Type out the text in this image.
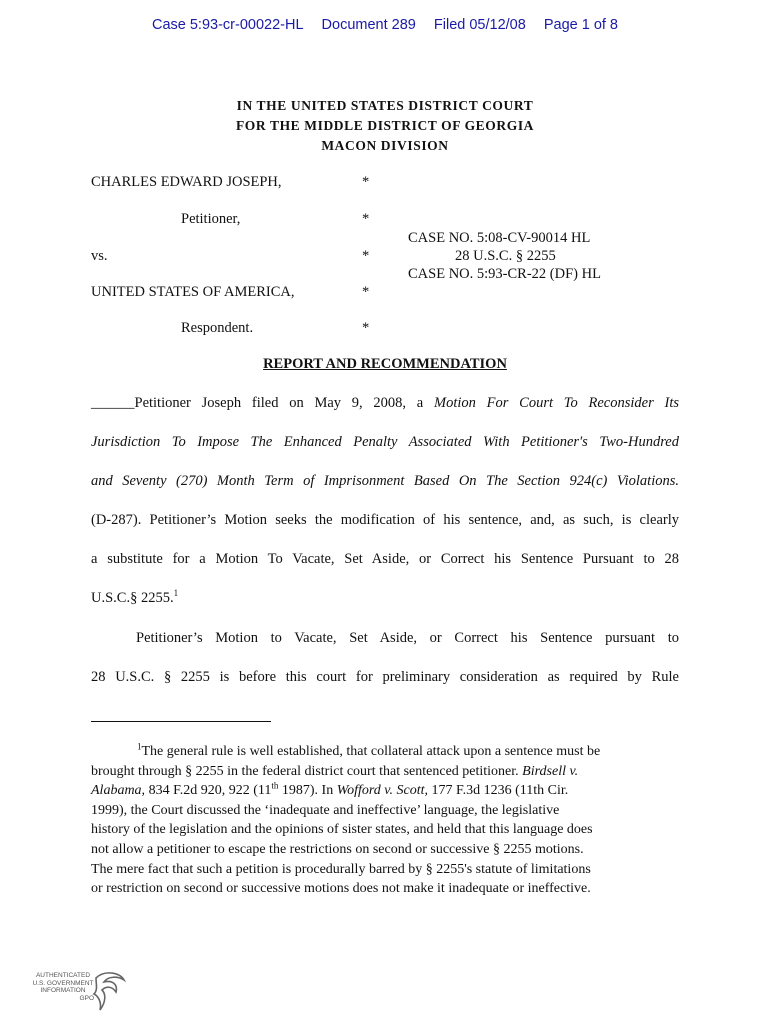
Case 5:93-cr-00022-HL Document 289 Filed 05/12/08 Page 1 of 8
IN THE UNITED STATES DISTRICT COURT
FOR THE MIDDLE DISTRICT OF GEORGIA
MACON DIVISION
CHARLES EDWARD JOSEPH,	*
Petitioner,	*
vs.	*
UNITED STATES OF AMERICA,	*
Respondent.	*
CASE NO. 5:08-CV-90014 HL
28 U.S.C. § 2255
CASE NO. 5:93-CR-22 (DF) HL
REPORT AND RECOMMENDATION
______Petitioner Joseph filed on May 9, 2008, a Motion For Court To Reconsider Its
Jurisdiction To Impose The Enhanced Penalty Associated With Petitioner's Two-Hundred
and Seventy (270) Month Term of Imprisonment Based On The Section 924(c) Violations.
(D-287). Petitioner’s Motion seeks the modification of his sentence, and, as such, is clearly
a substitute for a Motion To Vacate, Set Aside, or Correct his Sentence Pursuant to 28
U.S.C.§ 2255.$^1$
Petitioner’s Motion to Vacate, Set Aside, or Correct his Sentence pursuant to
28 U.S.C. § 2255 is before this court for preliminary consideration as required by Rule
$^1$The general rule is well established, that collateral attack upon a sentence must be
brought through § 2255 in the federal district court that sentenced petitioner. Birdsell v.
Alabama, 834 F.2d 920, 922 (11th 1987). In Wofford v. Scott, 177 F.3d 1236 (11th Cir.
1999), the Court discussed the ‘inadequate and ineffective’ language, the legislative
history of the legislation and the opinions of sister states, and held that this language does
not allow a petitioner to escape the restrictions on second or successive § 2255 motions.
The mere fact that such a petition is procedurally barred by § 2255's statute of limitations
or restriction on second or successive motions does not make it inadequate or ineffective.
AUTHENTICATED
U.S. GOVERNMENT
INFORMATION
GPO
